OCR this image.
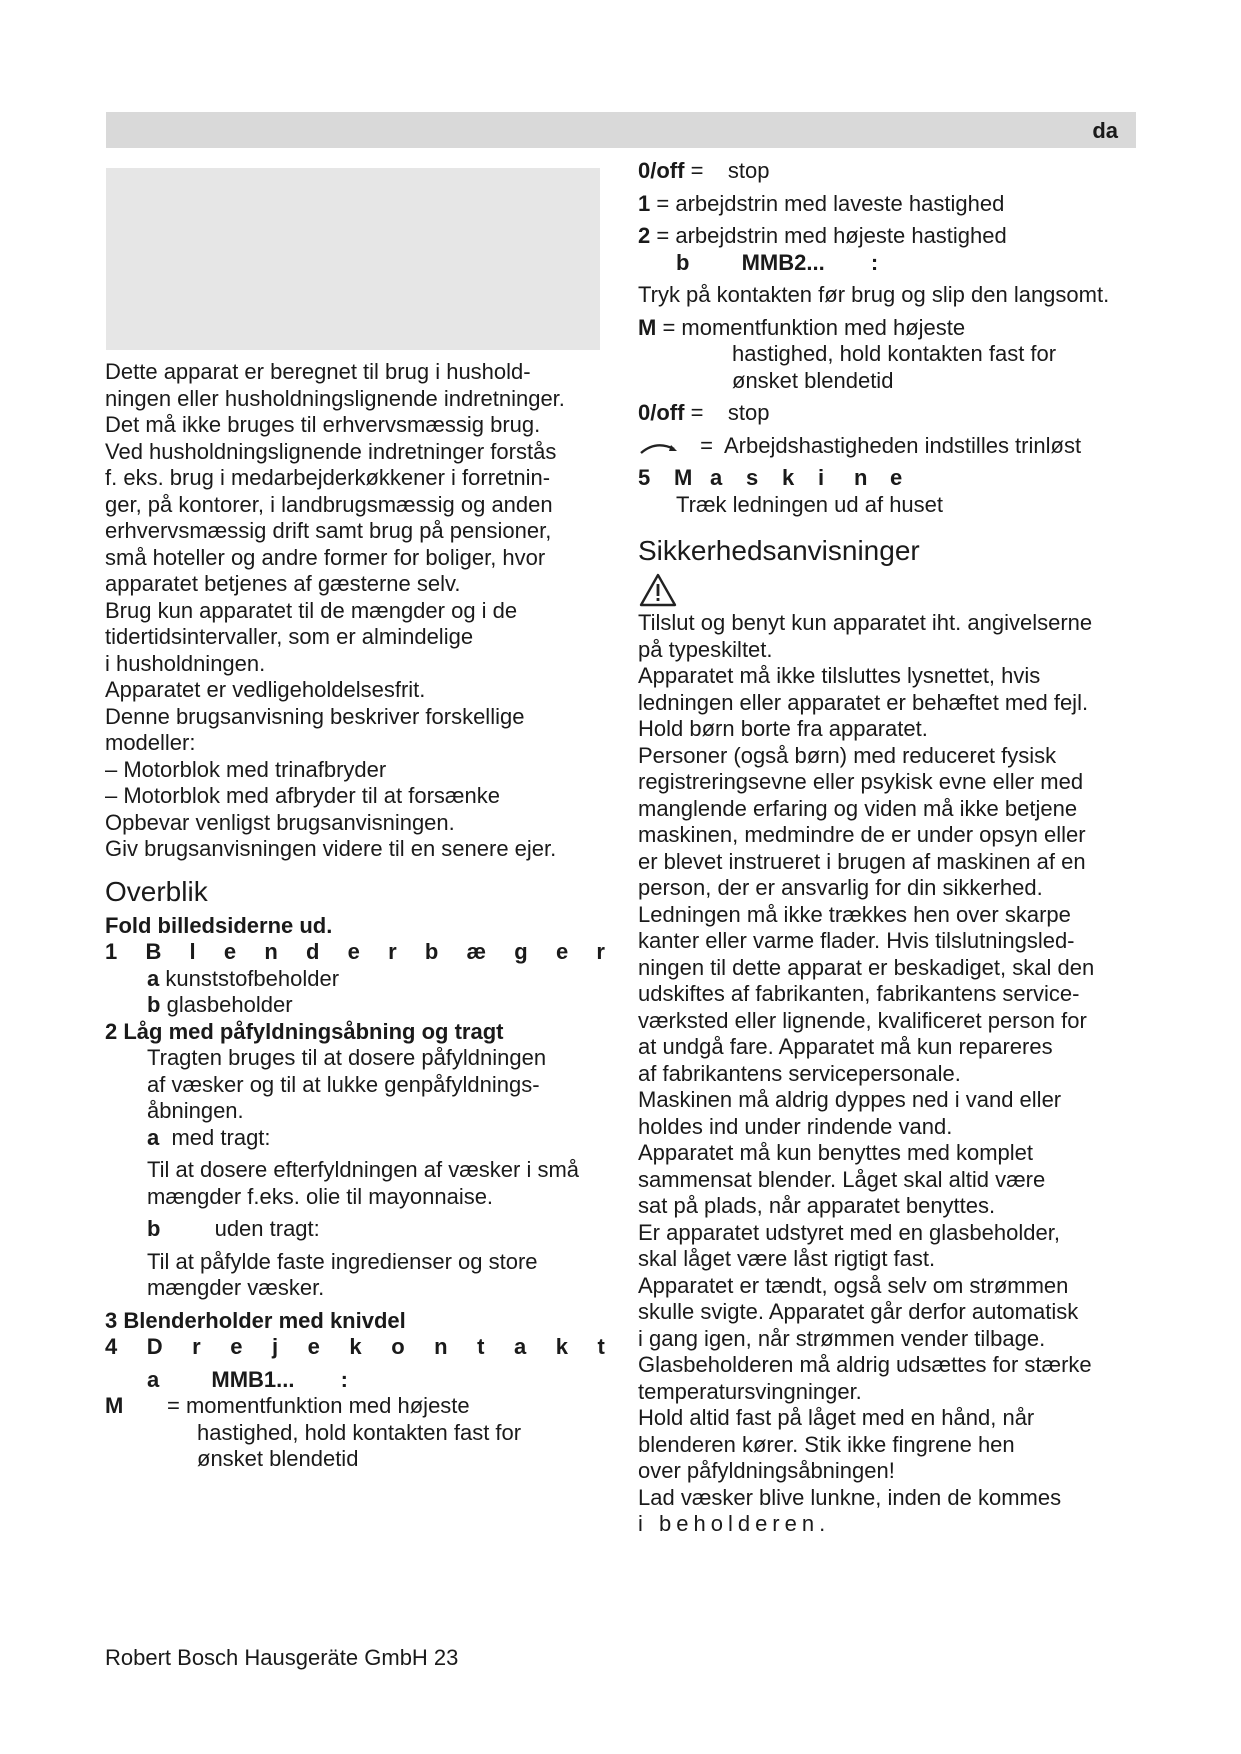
da

Dette apparat er beregnet til brug i hushold-

ningen eller husholdningslignende indretninger.

Det må ikke bruges til erhvervsmæssig brug.

Ved husholdningslignende indretninger forstås

f. eks. brug i medarbejderkøkkener i forretnin-

ger, på kontorer, i landbrugsmæssig og anden

erhvervsmæssig drift samt brug på pensioner,

små hoteller og andre former for boliger, hvor

apparatet betjenes af gæsterne selv.

Brug kun apparatet til de mængder og i de

tidertidsintervaller, som er almindelige

i husholdningen.

Apparatet er vedligeholdelsesfrit.

Denne brugsanvisning beskriver forskellige

modeller:

– Motorblok med trinafbryder

– Motorblok med afbryder til at forsænke

Opbevar venligst brugsanvisningen.

Giv brugsanvisningen videre til en senere ejer.

Overblik

Fold billedsiderne ud.

1 B l e n d e r b æ g e r

a kunststofbeholder

b glasbeholder

2 Låg med påfyldningsåbning og tragt

Tragten bruges til at dosere påfyldningen

af væsker og til at lukke genpåfyldnings-

åbningen.

a med tragt:

Til at dosere efterfyldningen af væsker i små

mængder f.eks. olie til mayonnaise.

b uden tragt:

Til at påfylde faste ingredienser og store

mængder væsker.

3 Blenderholder med knivdel

4 D r e j e k o n t a k t

a MMB1... :

M	= momentfunktion med højeste

hastighed, hold kontakten fast for

ønsket blendetid

0/off =    stop

1 = arbejdstrin med laveste hastighed

2 = arbejdstrin med højeste hastighed

b MMB2... :

Tryk på kontakten før brug og slip den langsomt.

M = momentfunktion med højeste

hastighed, hold kontakten fast for

ønsket blendetid

0/off =    stop

=  Arbejdshastigheden indstilles trinløst

5	M a	s	k	i	n	e

Træk ledningen ud af huset

Sikkerhedsanvisninger

Tilslut og benyt kun apparatet iht. angivelserne

på typeskiltet.

Apparatet må ikke tilsluttes lysnettet, hvis

ledningen eller apparatet er behæftet med fejl.

Hold børn borte fra apparatet.

Personer (også børn) med reduceret fysisk

registreringsevne eller psykisk evne eller med

manglende erfaring og viden må ikke betjene

maskinen, medmindre de er under opsyn eller

er blevet instrueret i brugen af maskinen af en

person, der er ansvarlig for din sikkerhed.

Ledningen må ikke trækkes hen over skarpe

kanter eller varme flader. Hvis tilslutningsled-

ningen til dette apparat er beskadiget, skal den

udskiftes af fabrikanten, fabrikantens service-

værksted eller lignende, kvalificeret person for

at undgå fare. Apparatet må kun repareres

af fabrikantens servicepersonale.

Maskinen må aldrig dyppes ned i vand eller

holdes ind under rindende vand.

Apparatet må kun benyttes med komplet

sammensat blender. Låget skal altid være

sat på plads, når apparatet benyttes.

Er apparatet udstyret med en glasbeholder,

skal låget være låst rigtigt fast.

Apparatet er tændt, også selv om strømmen

skulle svigte. Apparatet går derfor automatisk

i gang igen, når strømmen vender tilbage.

Glasbeholderen må aldrig udsættes for stærke

temperatursvingninger.

Hold altid fast på låget med en hånd, når

blenderen kører. Stik ikke fingrene hen

over påfyldningsåbningen!

Lad væsker blive lunkne, inden de kommes

i beholderen.

Robert Bosch Hausgeräte GmbH 23
